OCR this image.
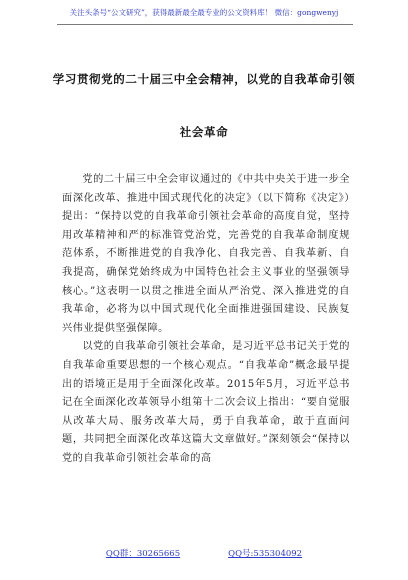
关注头条号“公文研究”，获得最新最全最专业的公文资料库！ 微信：gongwenyj
学习贯彻党的二十届三中全会精神，以党的自我革命引领
社会革命

党的二十届三中全会审议通过的《中共中央关于进一步全面深化改革、推进中国式现代化的决定》（以下简称《决定》）提出：“保持以党的自我革命引领社会革命的高度自觉，坚持用改革精神和严的标准管党治党，完善党的自我革命制度规范体系，不断推进党的自我净化、自我完善、自我革新、自我提高，确保党始终成为中国特色社会主义事业的坚强领导核心。”这表明一以贯之推进全面从严治党、深入推进党的自我革命，必将为以中国式现代化全面推进强国建设、民族复兴伟业提供坚强保障。

以党的自我革命引领社会革命，是习近平总书记关于党的自我革命重要思想的一个核心观点。“自我革命”概念最早提出的语境正是用于全面深化改革。2015年5月，习近平总书记在全面深化改革领导小组第十二次会议上指出：“要自觉服从改革大局、服务改革大局，勇于自我革命，敢于直面问题，共同把全面深化改革这篇大文章做好。”深刻领会“保持以党的自我革命引领社会革命的高

QQ群：30265665	QQ号:535304092
